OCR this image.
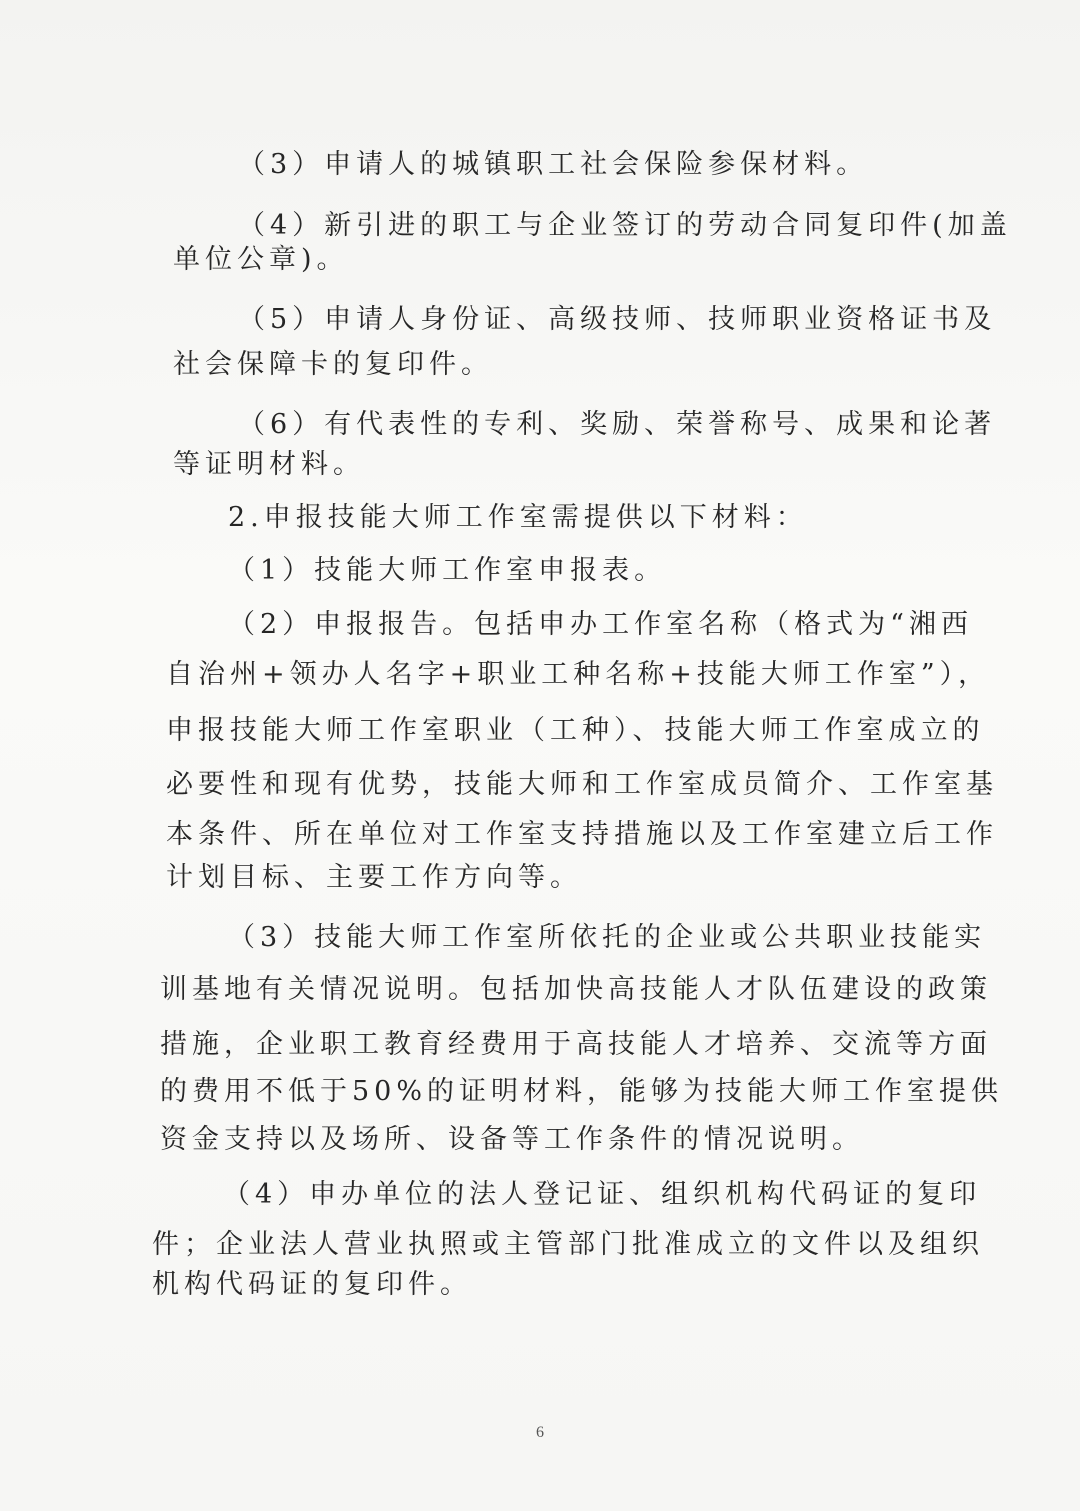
（3）申请人的城镇职工社会保险参保材料。
（4）新引进的职工与企业签订的劳动合同复印件(加盖
单位公章)。
（5）申请人身份证、高级技师、技师职业资格证书及
社会保障卡的复印件。
（6）有代表性的专利、奖励、荣誉称号、成果和论著
等证明材料。
2.申报技能大师工作室需提供以下材料：
（1）技能大师工作室申报表。
（2）申报报告。包括申办工作室名称（格式为“湘西
自治州+领办人名字+职业工种名称+技能大师工作室”），
申报技能大师工作室职业（工种）、技能大师工作室成立的
必要性和现有优势，技能大师和工作室成员简介、工作室基
本条件、所在单位对工作室支持措施以及工作室建立后工作
计划目标、主要工作方向等。
（3）技能大师工作室所依托的企业或公共职业技能实
训基地有关情况说明。包括加快高技能人才队伍建设的政策
措施，企业职工教育经费用于高技能人才培养、交流等方面
的费用不低于50%的证明材料，能够为技能大师工作室提供
资金支持以及场所、设备等工作条件的情况说明。
（4）申办单位的法人登记证、组织机构代码证的复印
件；企业法人营业执照或主管部门批准成立的文件以及组织
机构代码证的复印件。
6
